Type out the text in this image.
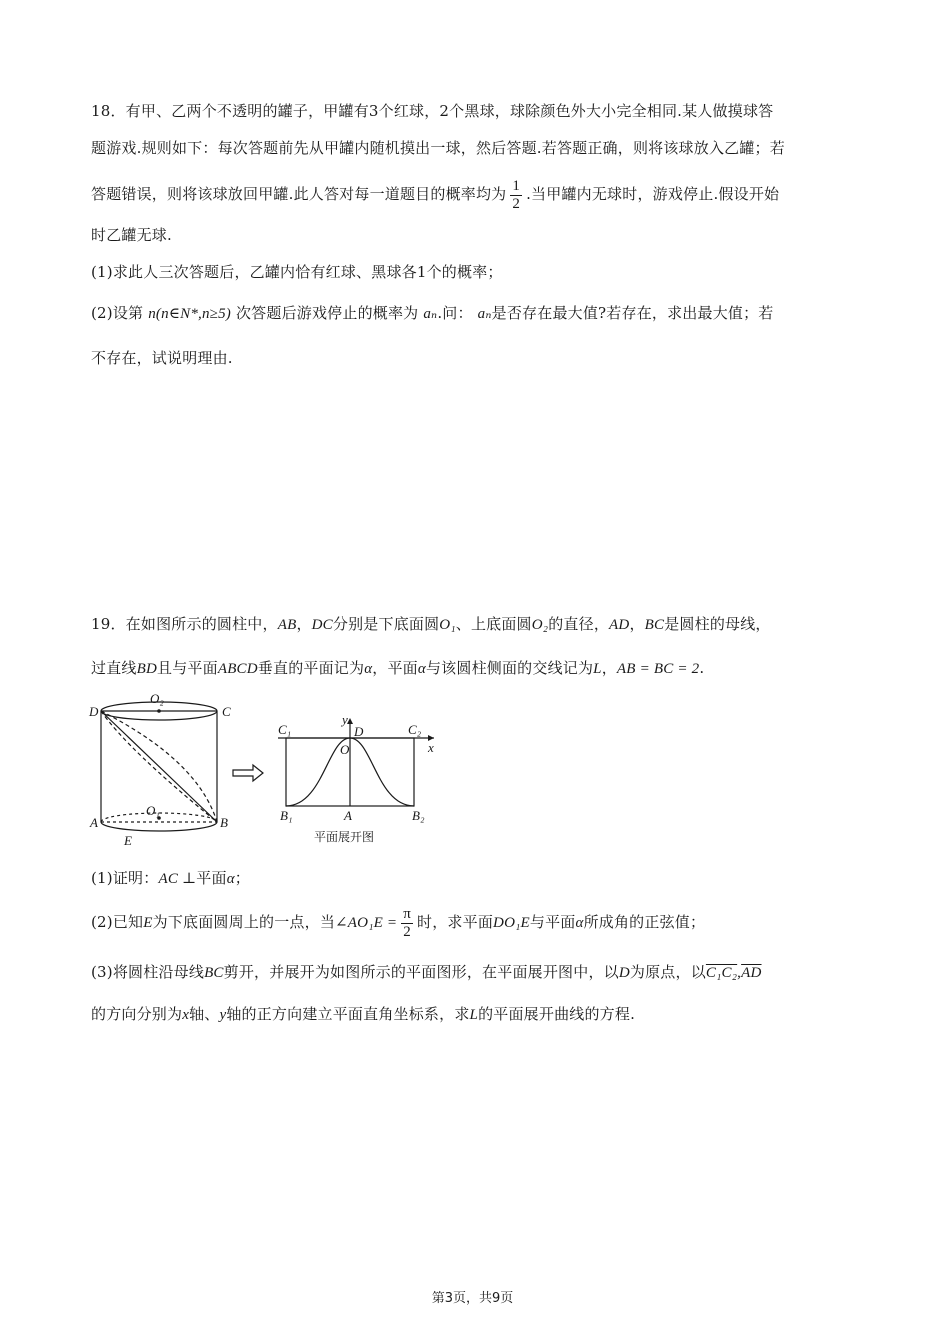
18．有甲、乙两个不透明的罐子，甲罐有3个红球，2个黑球，球除颜色外大小完全相同.某人做摸球答
题游戏.规则如下：每次答题前先从甲罐内随机摸出一球，然后答题.若答题正确，则将该球放入乙罐；若
答题错误，则将该球放回甲罐.此人答对每一道题目的概率均为 $\frac{1}{2}$ .当甲罐内无球时，游戏停止.假设开始
时乙罐无球.
(1)求此人三次答题后，乙罐内恰有红球、黑球各1个的概率；
(2)设第 n(n∈N*,n≥5) 次答题后游戏停止的概率为 aₙ.问： aₙ是否存在最大值?若存在，求出最大值；若
不存在，试说明理由.
19．在如图所示的圆柱中，AB，DC分别是下底面圆O₁、上底面圆O₂的直径，AD，BC是圆柱的母线，
过直线BD且与平面ABCD垂直的平面记为α，平面α与该圆柱侧面的交线记为L，AB = BC = 2.
D
O₂
C
A
O₁
B
E
C₁
y
D	C₂
x
O
B₁	A	B₂
平面展开图
(1)证明：AC ⊥平面α；
(2)已知E为下底面圆周上的一点，当∠AO₁E = $\frac{\pi}{2}$ 时，求平面DO₁E与平面α所成角的正弦值；
(3)将圆柱沿母线BC剪开，并展开为如图所示的平面图形，在平面展开图中，以D为原点，以$C_1C_2,\overline{AD}$
的方向分别为x轴、y轴的正方向建立平面直角坐标系，求L的平面展开曲线的方程.
第3页，共9页
